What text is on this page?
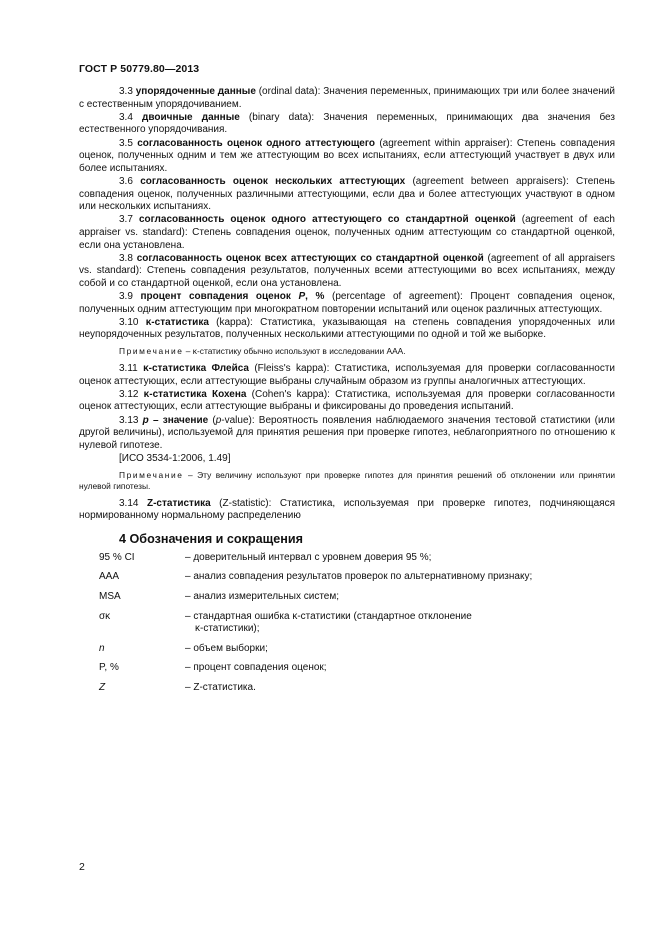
ГОСТ Р 50779.80—2013
3.3 упорядоченные данные (ordinal data): Значения переменных, принимающих три или более значений с естественным упорядочиванием.
3.4 двоичные данные (binary data): Значения переменных, принимающих два значения без естественного упорядочивания.
3.5 согласованность оценок одного аттестующего (agreement within appraiser): Степень совпадения оценок, полученных одним и тем же аттестующим во всех испытаниях, если аттестующий участвует в двух или более испытаниях.
3.6 согласованность оценок нескольких аттестующих (agreement between appraisers): Степень совпадения оценок, полученных различными аттестующими, если два и более аттестующих участвуют в одном или нескольких испытаниях.
3.7 согласованность оценок одного аттестующего со стандартной оценкой (agreement of each appraiser vs. standard): Степень совпадения оценок, полученных одним аттестующим со стандартной оценкой, если она установлена.
3.8 согласованность оценок всех аттестующих со стандартной оценкой (agreement of all appraisers vs. standard): Степень совпадения результатов, полученных всеми аттестующими во всех испытаниях, между собой и со стандартной оценкой, если она установлена.
3.9 процент совпадения оценок P, % (percentage of agreement): Процент совпадения оценок, полученных одним аттестующим при многократном повторении испытаний или оценок различных аттестующих.
3.10 κ-статистика (kappa): Статистика, указывающая на степень совпадения упорядоченных или неупорядоченных результатов, полученных несколькими аттестующими по одной и той же выборке.
Примечание – κ-статистику обычно используют в исследовании ААА.
3.11 κ-статистика Флейса (Fleiss's kappa): Статистика, используемая для проверки согласованности оценок аттестующих, если аттестующие выбраны случайным образом из группы аналогичных аттестующих.
3.12 κ-статистика Кохена (Cohen's kappa): Статистика, используемая для проверки согласованности оценок аттестующих, если аттестующие выбраны и фиксированы до проведения испытаний.
3.13 p – значение (p-value): Вероятность появления наблюдаемого значения тестовой статистики (или другой величины), используемой для принятия решения при проверке гипотез, неблагоприятного по отношению к нулевой гипотезе.
[ИСО 3534-1:2006, 1.49]
Примечание – Эту величину используют при проверке гипотез для принятия решений об отклонении или принятии нулевой гипотезы.
3.14 Z-статистика (Z-statistic): Статистика, используемая при проверке гипотез, подчиняющаяся нормированному нормальному распределению
4 Обозначения и сокращения
95 % CI	– доверительный интервал с уровнем доверия 95 %;
AAA	– анализ совпадения результатов проверок по альтернативному признаку;
MSA	– анализ измерительных систем;
σκ	– стандартная ошибка κ-статистики (стандартное отклонение
κ-статистики);
n	– объем выборки;
P, %	– процент совпадения оценок;
Z	– Z-статистика.
2
